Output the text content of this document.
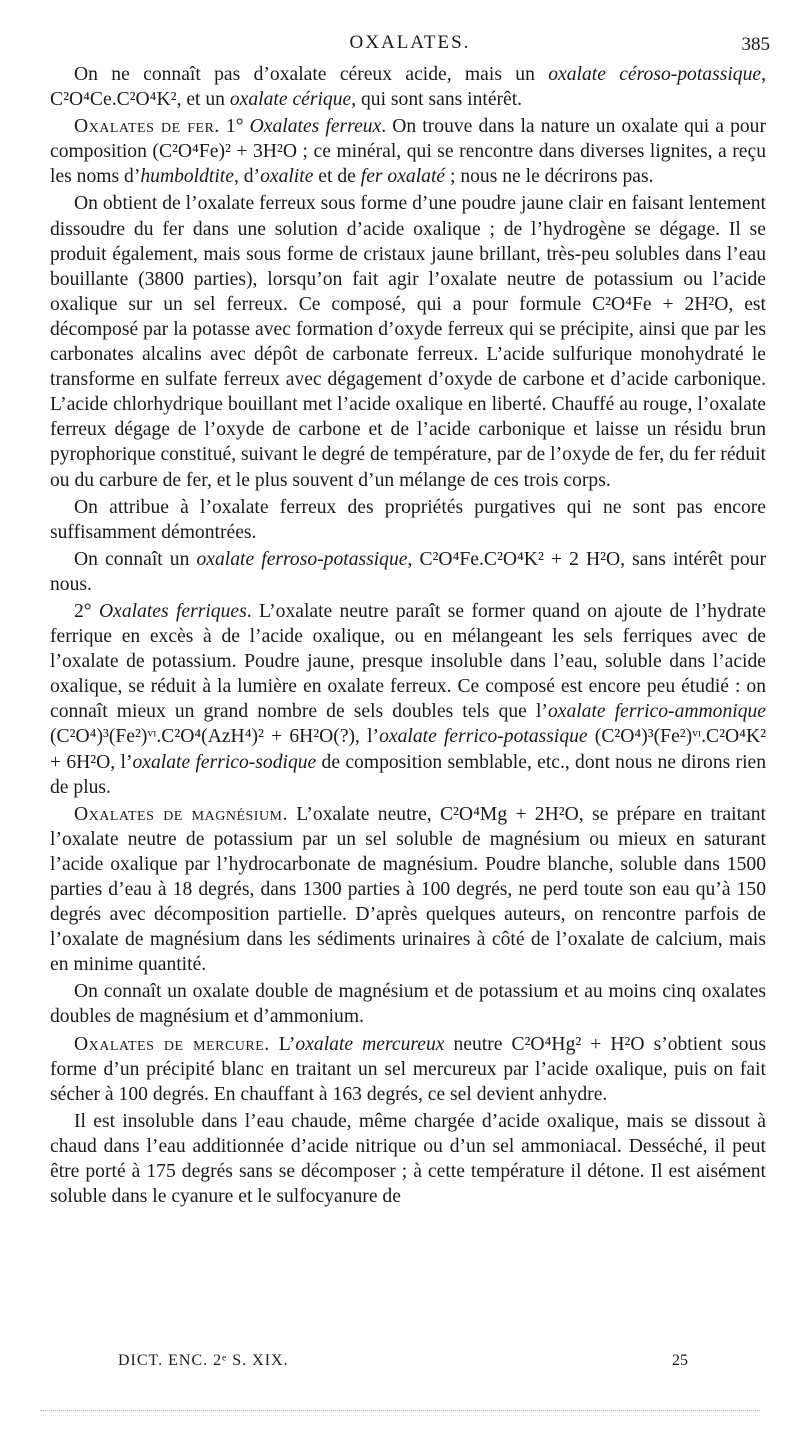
OXALATES.	385

On ne connaît pas d’oxalate céreux acide, mais un oxalate céroso-potassique, C²O⁴Ce.C²O⁴K², et un oxalate cérique, qui sont sans intérêt.

Oxalates de fer. 1° Oxalates ferreux. On trouve dans la nature un oxalate qui a pour composition (C²O⁴Fe)² + 3H²O ; ce minéral, qui se rencontre dans diverses lignites, a reçu les noms d’humboldtite, d’oxalite et de fer oxalaté ; nous ne le décrirons pas.

On obtient de l’oxalate ferreux sous forme d’une poudre jaune clair en faisant lentement dissoudre du fer dans une solution d’acide oxalique ; de l’hydrogène se dégage. Il se produit également, mais sous forme de cristaux jaune brillant, très-peu solubles dans l’eau bouillante (3800 parties), lorsqu’on fait agir l’oxalate neutre de potassium ou l’acide oxalique sur un sel ferreux. Ce composé, qui a pour formule C²O⁴Fe + 2H²O, est décomposé par la potasse avec formation d’oxyde ferreux qui se précipite, ainsi que par les carbonates alcalins avec dépôt de carbonate ferreux. L’acide sulfurique monohydraté le transforme en sulfate ferreux avec dégagement d’oxyde de carbone et d’acide carbonique. L’acide chlorhydrique bouillant met l’acide oxalique en liberté. Chauffé au rouge, l’oxalate ferreux dégage de l’oxyde de carbone et de l’acide carbonique et laisse un résidu brun pyrophorique constitué, suivant le degré de température, par de l’oxyde de fer, du fer réduit ou du carbure de fer, et le plus souvent d’un mélange de ces trois corps.

On attribue à l’oxalate ferreux des propriétés purgatives qui ne sont pas encore suffisamment démontrées.

On connaît un oxalate ferroso-potassique, C²O⁴Fe.C²O⁴K² + 2 H²O, sans intérêt pour nous.

2° Oxalates ferriques. L’oxalate neutre paraît se former quand on ajoute de l’hydrate ferrique en excès à de l’acide oxalique, ou en mélangeant les sels ferriques avec de l’oxalate de potassium. Poudre jaune, presque insoluble dans l’eau, soluble dans l’acide oxalique, se réduit à la lumière en oxalate ferreux. Ce composé est encore peu étudié : on connaît mieux un grand nombre de sels doubles tels que l’oxalate ferrico-ammonique (C²O⁴)³(Fe²)ᵛᶦ.C²O⁴(AzH⁴)² + 6H²O(?), l’oxalate ferrico-potassique (C²O⁴)³(Fe²)ᵛᶦ.C²O⁴K² + 6H²O, l’oxalate ferrico-sodique de composition semblable, etc., dont nous ne dirons rien de plus.

Oxalates de magnésium. L’oxalate neutre, C²O⁴Mg + 2H²O, se prépare en traitant l’oxalate neutre de potassium par un sel soluble de magnésium ou mieux en saturant l’acide oxalique par l’hydrocarbonate de magnésium. Poudre blanche, soluble dans 1500 parties d’eau à 18 degrés, dans 1300 parties à 100 degrés, ne perd toute son eau qu’à 150 degrés avec décomposition partielle. D’après quelques auteurs, on rencontre parfois de l’oxalate de magnésium dans les sédiments urinaires à côté de l’oxalate de calcium, mais en minime quantité.

On connaît un oxalate double de magnésium et de potassium et au moins cinq oxalates doubles de magnésium et d’ammonium.

Oxalates de mercure. L’oxalate mercureux neutre C²O⁴Hg² + H²O s’obtient sous forme d’un précipité blanc en traitant un sel mercureux par l’acide oxalique, puis on fait sécher à 100 degrés. En chauffant à 163 degrés, ce sel devient anhydre.

Il est insoluble dans l’eau chaude, même chargée d’acide oxalique, mais se dissout à chaud dans l’eau additionnée d’acide nitrique ou d’un sel ammoniacal. Desséché, il peut être porté à 175 degrés sans se décomposer ; à cette température il détone. Il est aisément soluble dans le cyanure et le sulfocyanure de

DICT. ENC. 2ᵉ S. XIX.	25
